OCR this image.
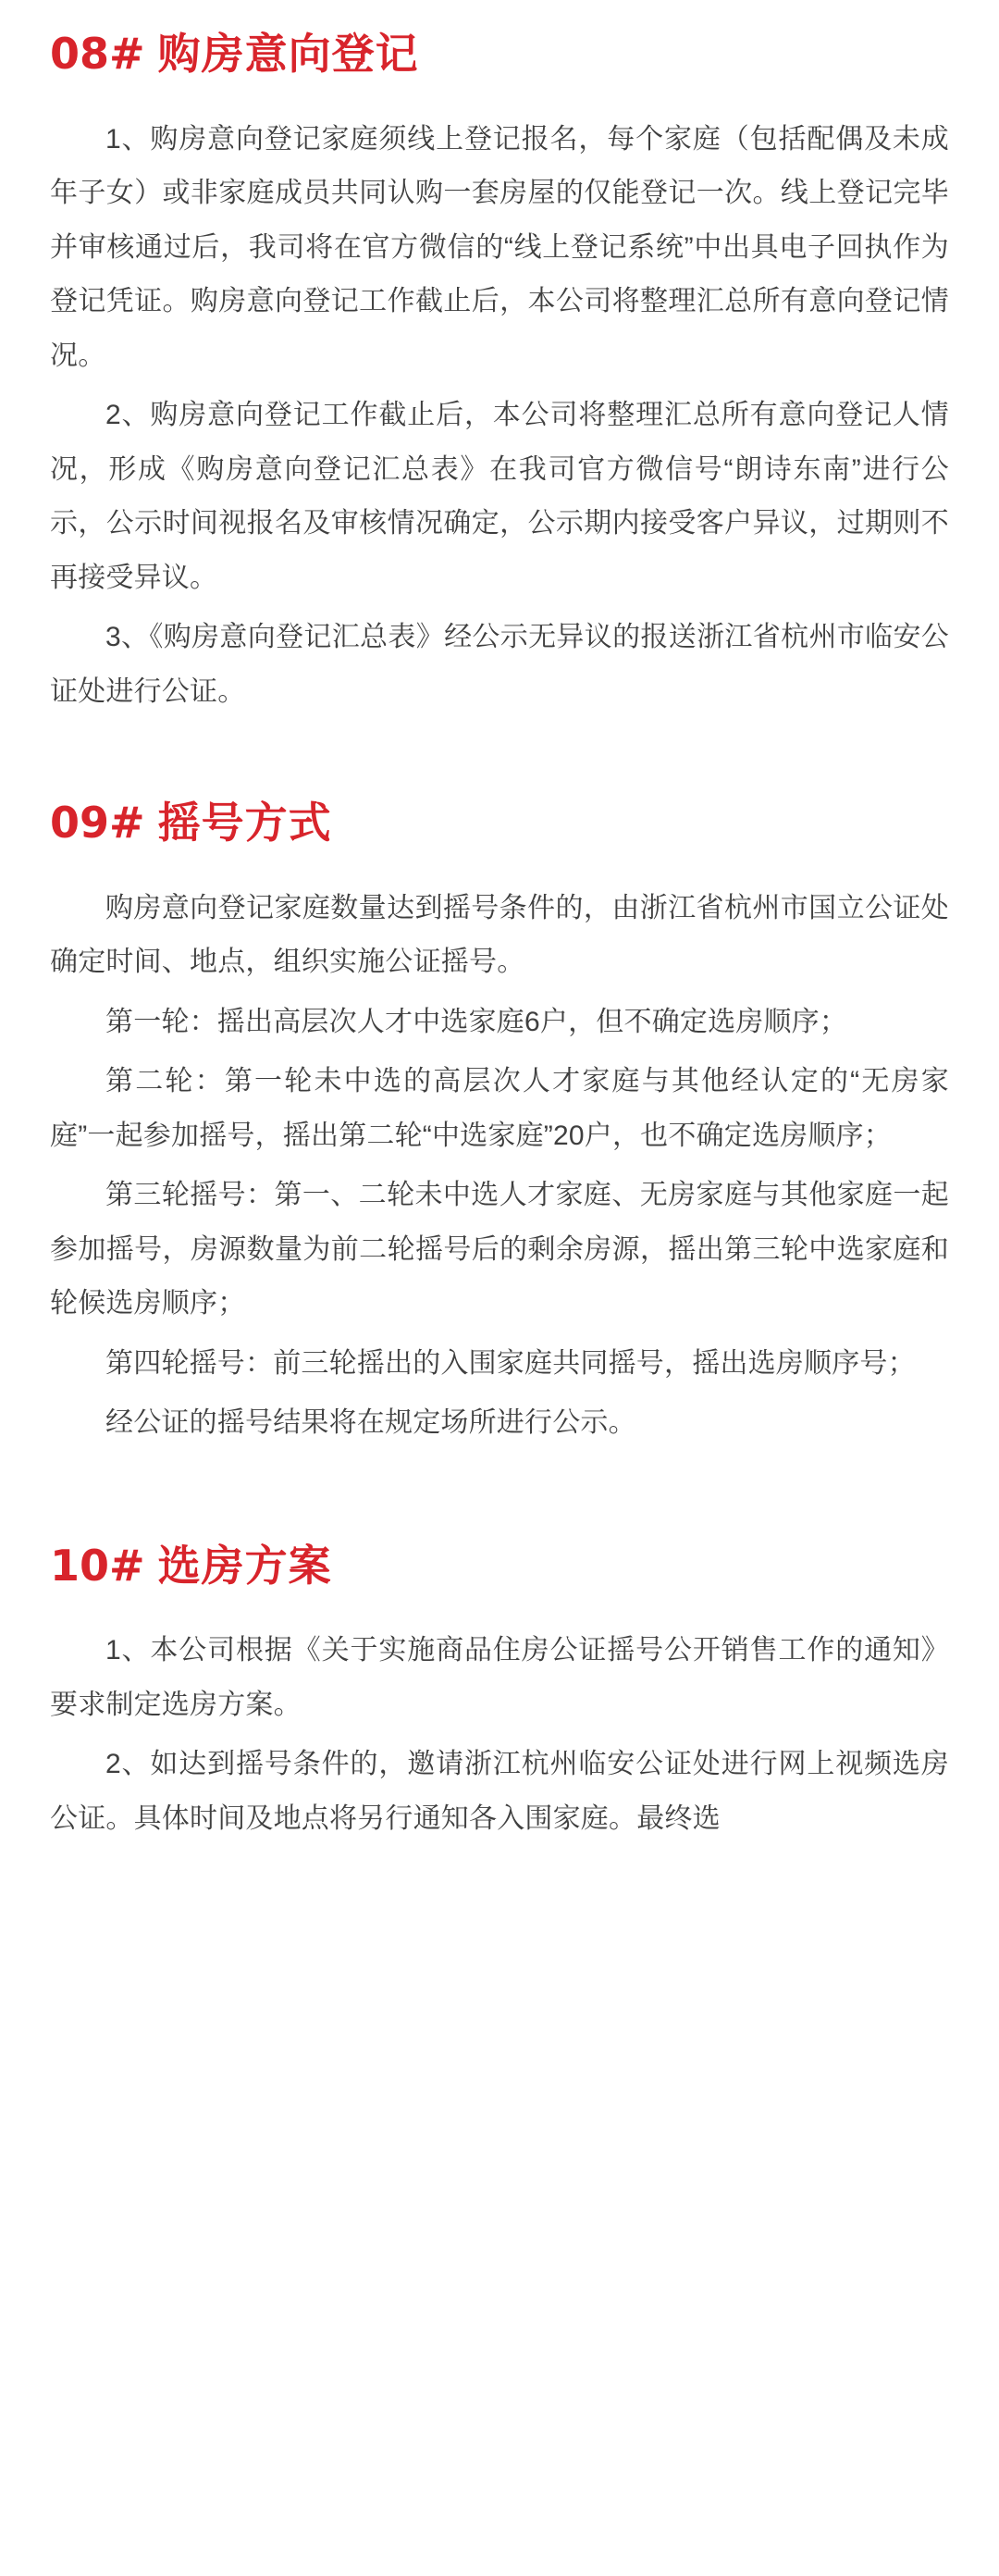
08# 购房意向登记

1、购房意向登记家庭须线上登记报名，每个家庭（包括配偶及未成年子女）或非家庭成员共同认购一套房屋的仅能登记一次。线上登记完毕并审核通过后，我司将在官方微信的“线上登记系统”中出具电子回执作为登记凭证。购房意向登记工作截止后，本公司将整理汇总所有意向登记情况。

2、购房意向登记工作截止后，本公司将整理汇总所有意向登记人情况，形成《购房意向登记汇总表》在我司官方微信号“朗诗东南”进行公示，公示时间视报名及审核情况确定，公示期内接受客户异议，过期则不再接受异议。

3、《购房意向登记汇总表》经公示无异议的报送浙江省杭州市临安公证处进行公证。

09# 摇号方式

购房意向登记家庭数量达到摇号条件的，由浙江省杭州市国立公证处确定时间、地点，组织实施公证摇号。

第一轮：摇出高层次人才中选家庭6户，但不确定选房顺序；

第二轮：第一轮未中选的高层次人才家庭与其他经认定的“无房家庭”一起参加摇号，摇出第二轮“中选家庭”20户，也不确定选房顺序；

第三轮摇号：第一、二轮未中选人才家庭、无房家庭与其他家庭一起参加摇号，房源数量为前二轮摇号后的剩余房源，摇出第三轮中选家庭和轮候选房顺序；

第四轮摇号：前三轮摇出的入围家庭共同摇号，摇出选房顺序号；

经公证的摇号结果将在规定场所进行公示。

10# 选房方案

1、本公司根据《关于实施商品住房公证摇号公开销售工作的通知》要求制定选房方案。

2、如达到摇号条件的，邀请浙江杭州临安公证处进行网上视频选房公证。具体时间及地点将另行通知各入围家庭。最终选
